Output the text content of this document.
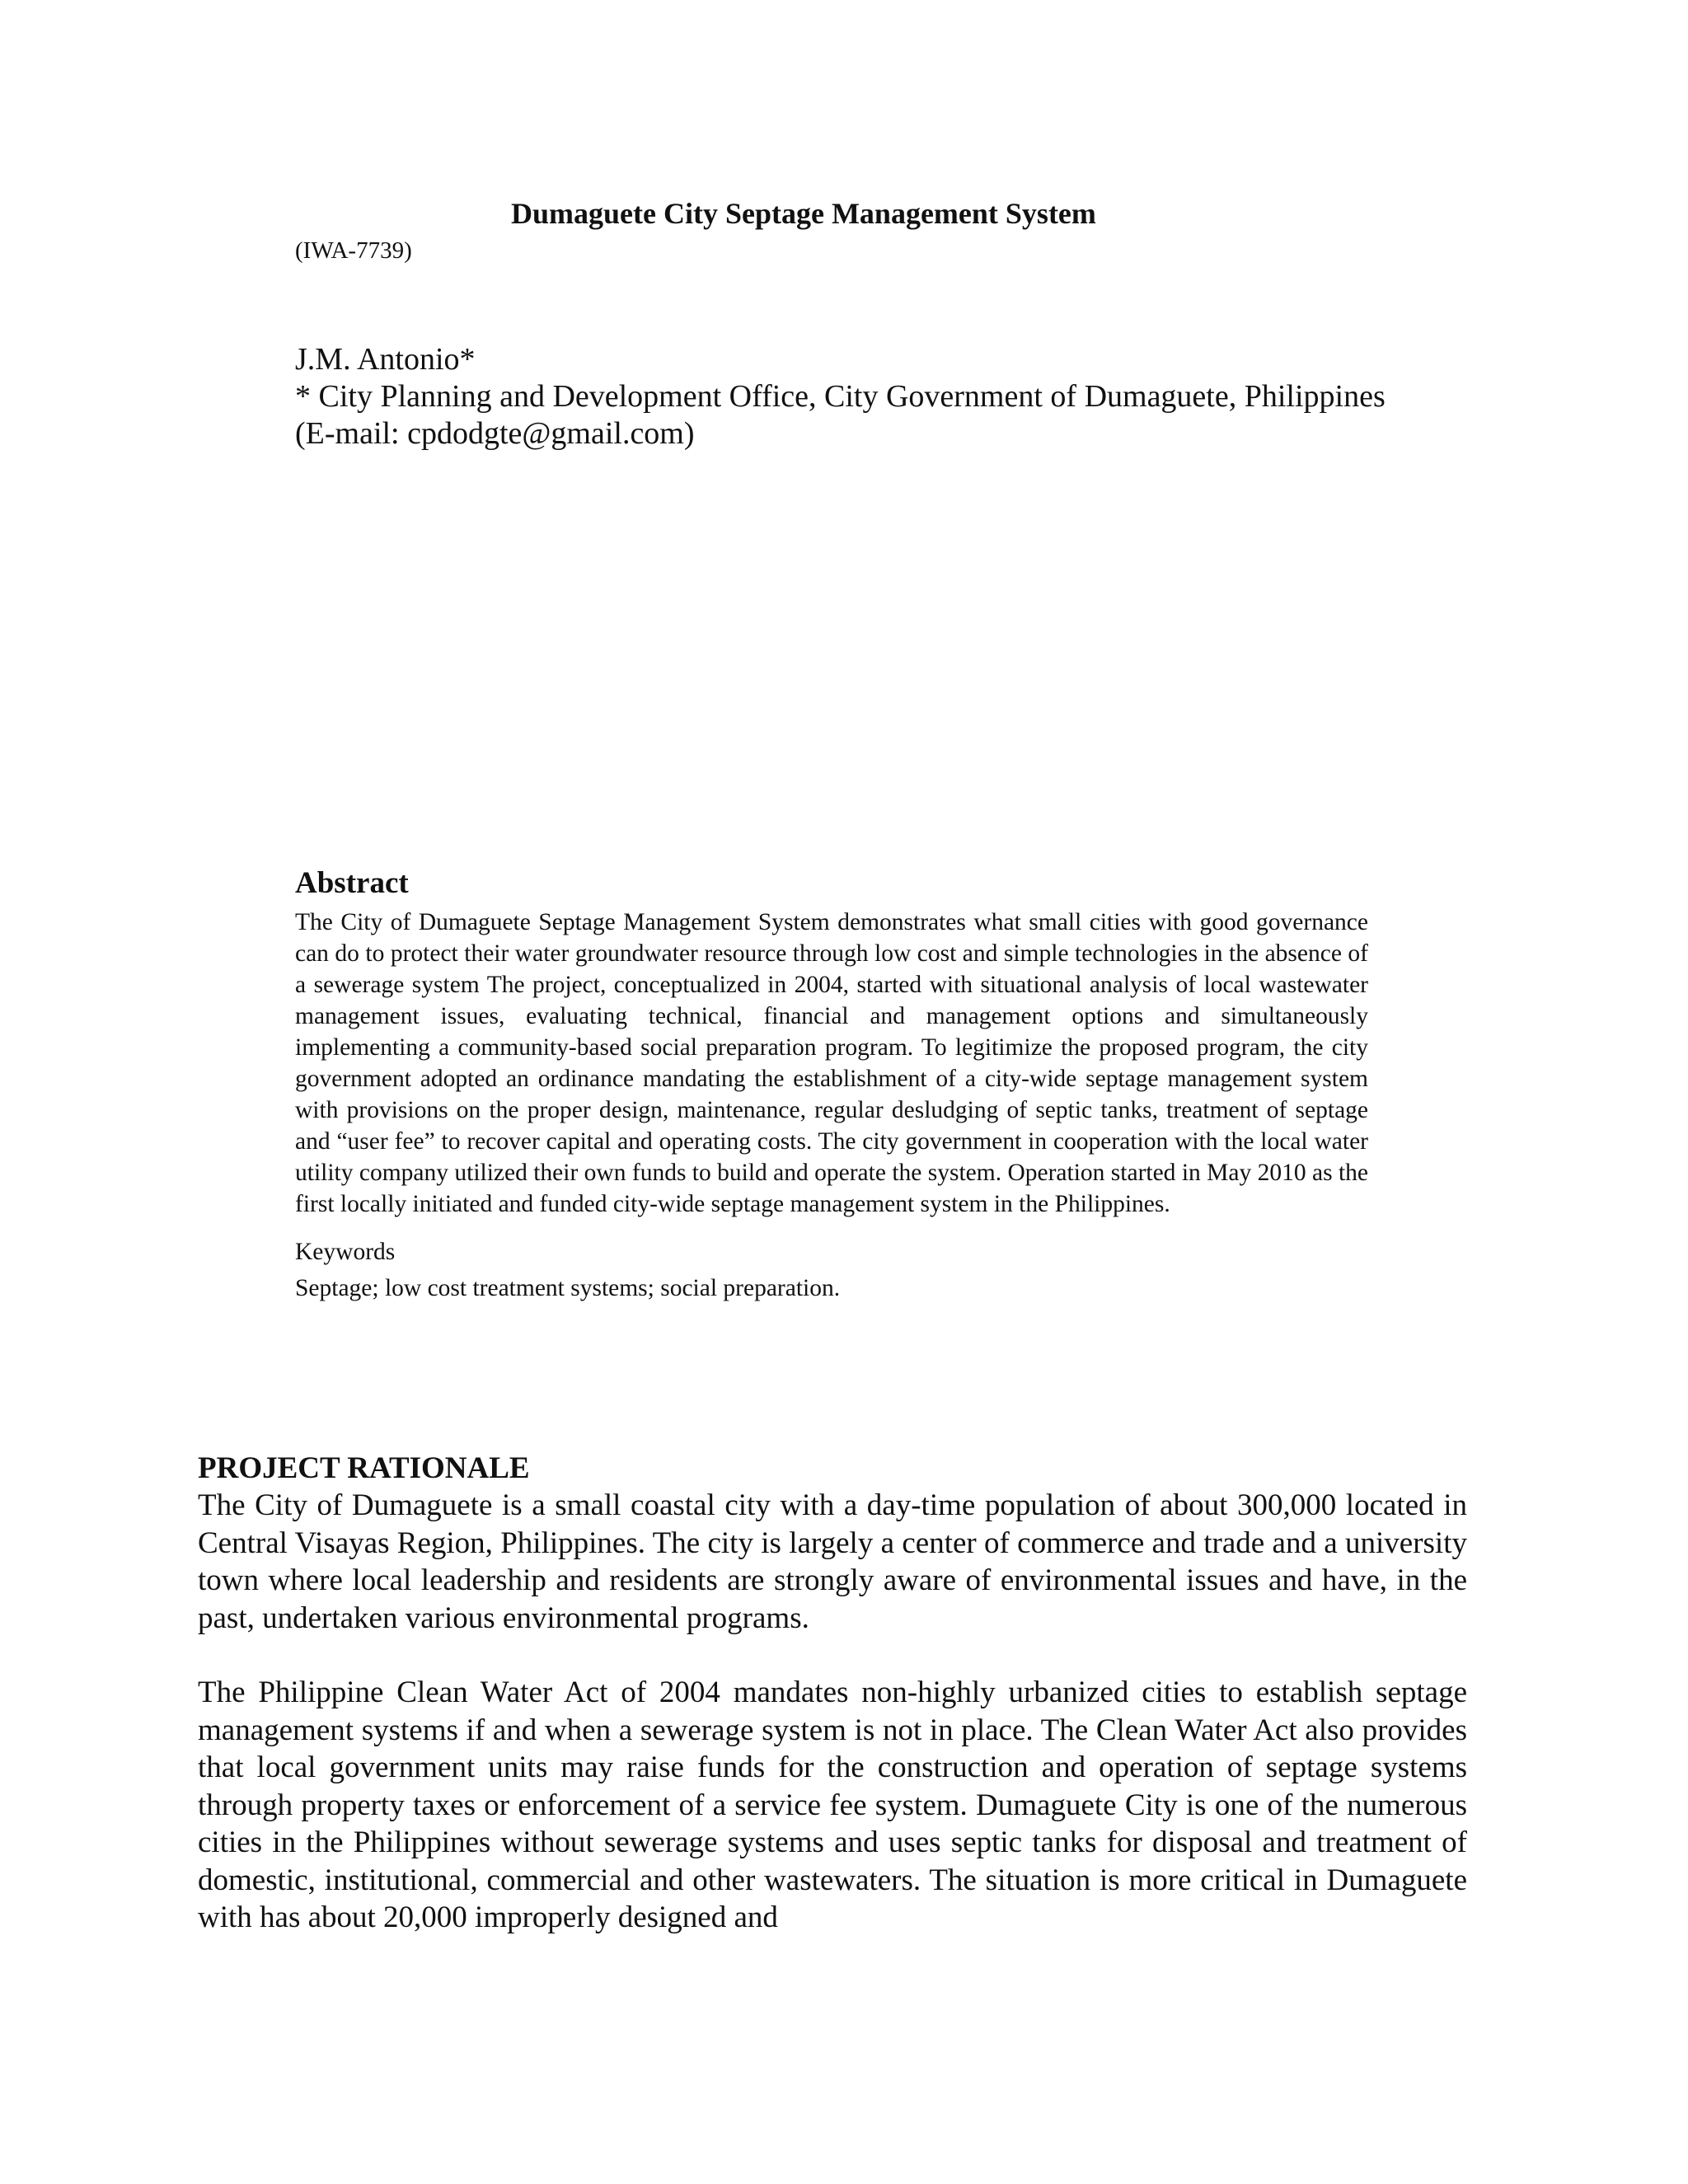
Dumaguete City Septage Management System
(IWA-7739)
J.M. Antonio*
* City Planning and Development Office, City Government of Dumaguete, Philippines
(E-mail: cpdodgte@gmail.com)
Abstract

The City of Dumaguete Septage Management System demonstrates what small cities with good governance can do to protect their water groundwater resource through low cost and simple technologies in the absence of a sewerage system The project, conceptualized in 2004, started with situational analysis of local wastewater management issues, evaluating technical, financial and management options and simultaneously implementing a community-based social preparation program. To legitimize the proposed program, the city government adopted an ordinance mandating the establishment of a city-wide septage management system with provisions on the proper design, maintenance, regular desludging of septic tanks, treatment of septage and “user fee” to recover capital and operating costs. The city government in cooperation with the local water utility company utilized their own funds to build and operate the system. Operation started in May 2010 as the first locally initiated and funded city-wide septage management system in the Philippines.

Keywords
Septage; low cost treatment systems; social preparation.
PROJECT RATIONALE

The City of Dumaguete is a small coastal city with a day-time population of about 300,000 located in Central Visayas Region, Philippines. The city is largely a center of commerce and trade and a university town where local leadership and residents are strongly aware of environmental issues and have, in the past, undertaken various environmental programs.

The Philippine Clean Water Act of 2004 mandates non-highly urbanized cities to establish septage management systems if and when a sewerage system is not in place. The Clean Water Act also provides that local government units may raise funds for the construction and operation of septage systems through property taxes or enforcement of a service fee system. Dumaguete City is one of the numerous cities in the Philippines without sewerage systems and uses septic tanks for disposal and treatment of domestic, institutional, commercial and other wastewaters. The situation is more critical in Dumaguete with has about 20,000 improperly designed and
